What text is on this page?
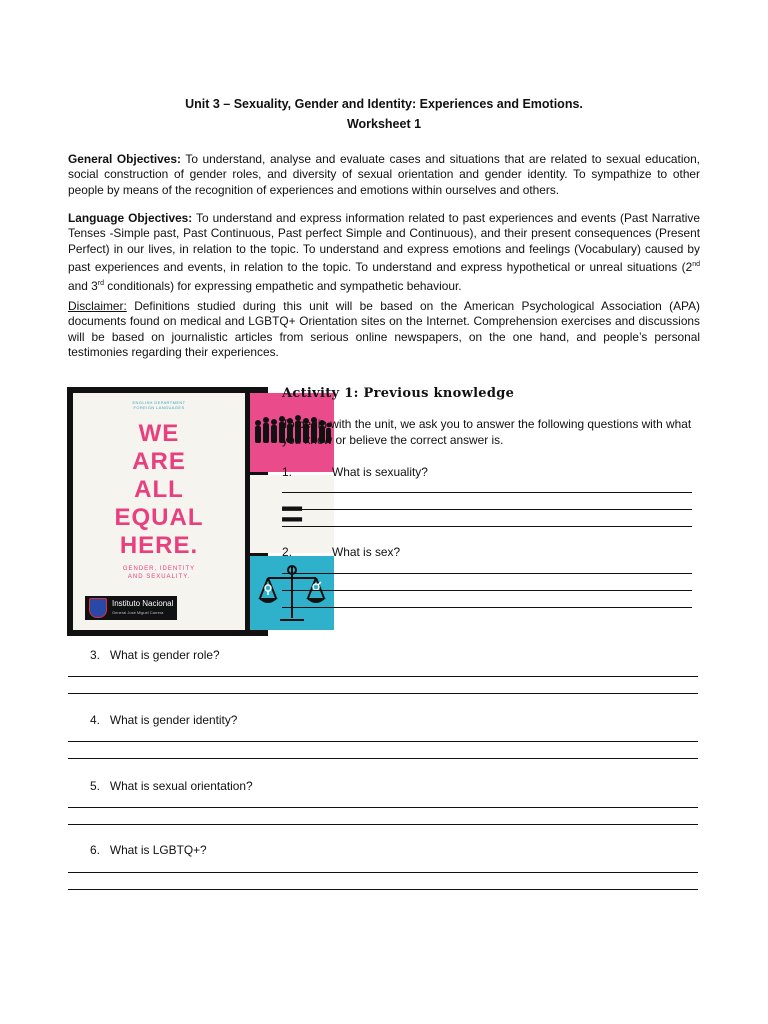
Unit 3 – Sexuality, Gender and Identity: Experiences and Emotions.
Worksheet 1

General Objectives: To understand, analyse and evaluate cases and situations that are related to sexual education, social construction of gender roles, and diversity of sexual orientation and gender identity. To sympathize to other people by means of the recognition of experiences and emotions within ourselves and others.

Language Objectives: To understand and express information related to past experiences and events (Past Narrative Tenses -Simple past, Past Continuous, Past perfect Simple and Continuous), and their present consequences (Present Perfect) in our lives, in relation to the topic. To understand and express emotions and feelings (Vocabulary) caused by past experiences and events, in relation to the topic. To understand and express hypothetical or unreal situations (2nd and 3rd conditionals) for expressing empathetic and sympathetic behaviour.

Disclaimer: Definitions studied during this unit will be based on the American Psychological Association (APA) documents found on medical and LGBTQ+ Orientation sites on the Internet. Comprehension exercises and discussions will be based on journalistic articles from serious online newspapers, on the one hand, and people’s personal testimonies regarding their experiences.

ENGLISH DEPARTMENT
FOREIGN LANGUAGES
WE
ARE
ALL
EQUAL
HERE.
GENDER, IDENTITY
AND SEXUALITY.
Instituto Nacional
General José Miguel Carrera
=
Activity 1: Previous knowledge

To begin with the unit, we ask you to answer the following questions with what you know or believe the correct answer is.

1.	What is sexuality?
2.	What is sex?
3. What is gender role?
4. What is gender identity?
5. What is sexual orientation?
6. What is LGBTQ+?
